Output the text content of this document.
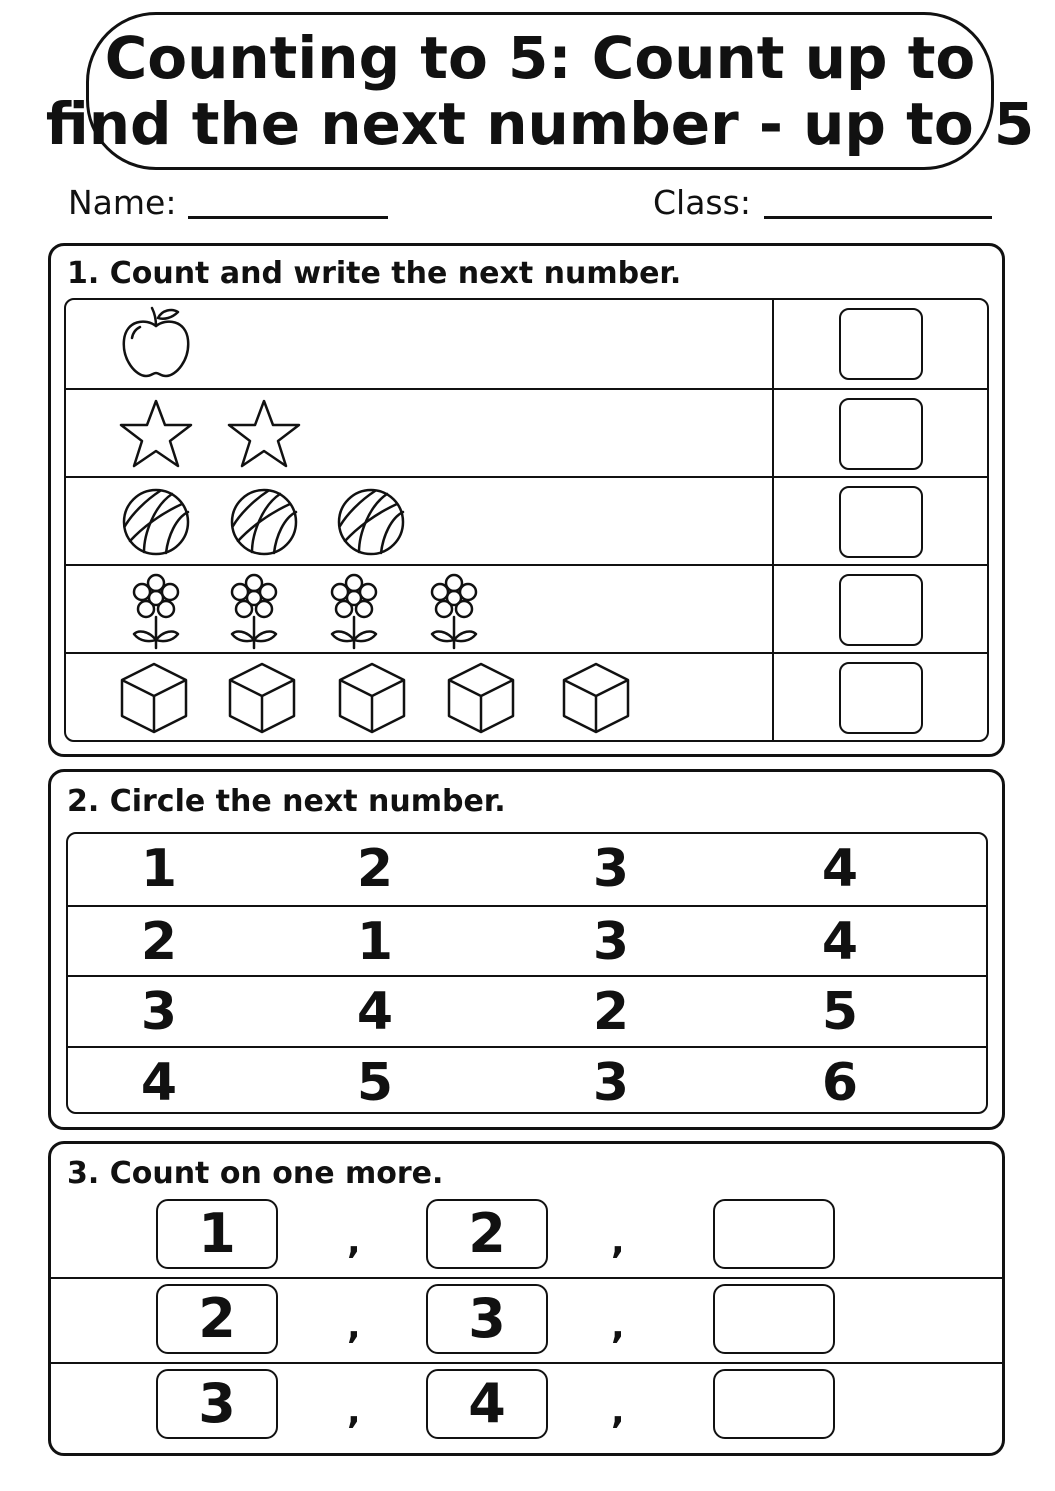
Counting to 5: Count up to
find the next number - up to 5
Name:	Class:
1. Count and write the next number.
2. Circle the next number.
1	2	3	4
2	1	3	4
3	4	2	5
4	5	3	6
3. Count on one more.
1	,	2	,
2	,	3	,
3	,	4	,
